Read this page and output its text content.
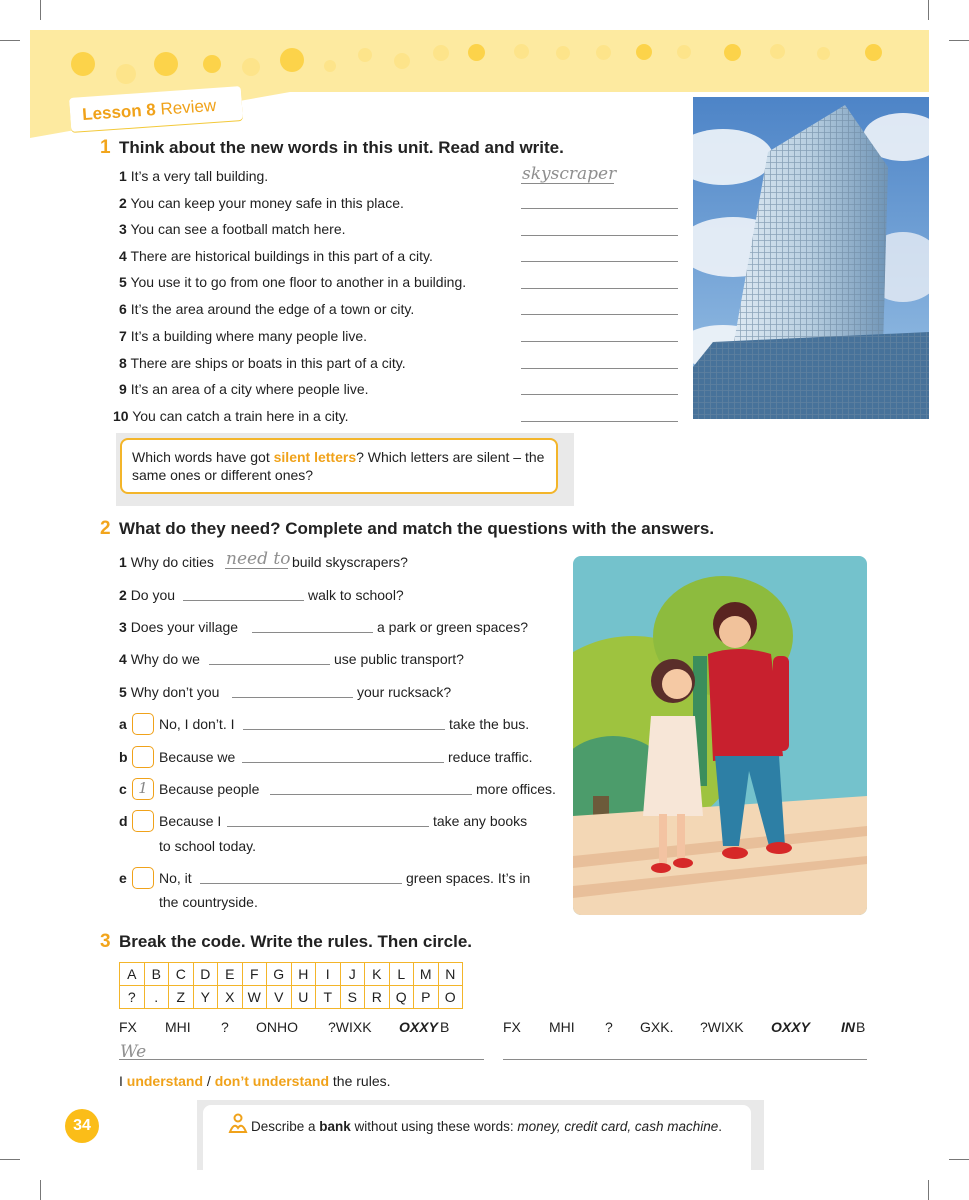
Lesson 8 Review
1 Think about the new words in this unit. Read and write.
1 It’s a very tall building.	skyscraper
2 You can keep your money safe in this place.
3 You can see a football match here.
4 There are historical buildings in this part of a city.
5 You use it to go from one floor to another in a building.
6 It’s the area around the edge of a town or city.
7 It’s a building where many people live.
8 There are ships or boats in this part of a city.
9 It’s an area of a city where people live.
10 You can catch a train here in a city.
Which words have got silent letters? Which letters are silent – the same ones or different ones?
2 What do they need? Complete and match the questions with the answers.
1 Why do cities need to build skyscrapers?
2 Do you	walk to school?
3 Does your village	a park or green spaces?
4 Why do we	use public transport?
5 Why don’t you	your rucksack?
a No, I don’t. I	take the bus.
b Because we	reduce traffic.
c 1 Because people	more offices.
d Because I	take any books
to school today.
e No, it	green spaces. It’s in
the countryside.
3 Break the code. Write the rules. Then circle.
A	B	C	D	E	F	G	H	I	J	K	L	M	N
?	.	Z	Y	X	W	V	U	T	S	R	Q	P	O
FX MHI ? ONHO ?WIXK OXXY B	FX MHI ? GXK. ?WIXK OXXY IN B
We
I understand / don’t understand the rules.
34	Describe a bank without using these words: money, credit card, cash machine.
